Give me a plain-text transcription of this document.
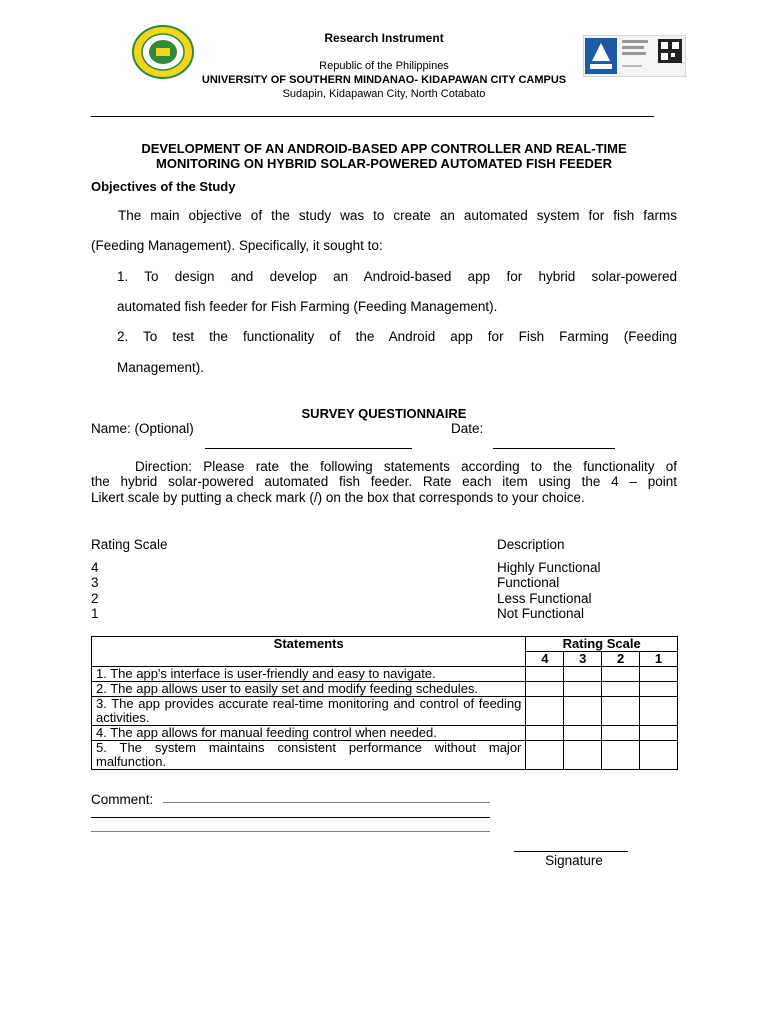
Research Instrument
Republic of the Philippines
UNIVERSITY OF SOUTHERN MINDANAO- KIDAPAWAN CITY CAMPUS
Sudapin, Kidapawan City, North Cotabato
DEVELOPMENT OF AN ANDROID-BASED APP CONTROLLER AND REAL-TIME
MONITORING ON HYBRID SOLAR-POWERED AUTOMATED FISH FEEDER
Objectives of the Study
The main objective of the study was to create an automated system for fish farms
(Feeding Management). Specifically, it sought to:
1. To design and develop an Android-based app for hybrid solar-powered
automated fish feeder for Fish Farming (Feeding Management).
2. To test the functionality of the Android app for Fish Farming (Feeding
Management).
SURVEY QUESTIONNAIRE
Name: (Optional)	Date:
Direction: Please rate the following statements according to the functionality of
the hybrid solar-powered automated fish feeder. Rate each item using the 4 – point
Likert scale by putting a check mark (/) on the box that corresponds to your choice.
Rating Scale	Description
4	Highly Functional
3	Functional
2	Less Functional
1	Not Functional
Statements	Rating Scale			
	4	3	2	1
1. The app's interface is user-friendly and easy to navigate.				
2. The app allows user to easily set and modify feeding schedules.				
3. The app provides accurate real-time monitoring and control of feeding activities.				
4. The app allows for manual feeding control when needed.				
5. The system maintains consistent performance without major malfunction.				
Comment:
Signature
